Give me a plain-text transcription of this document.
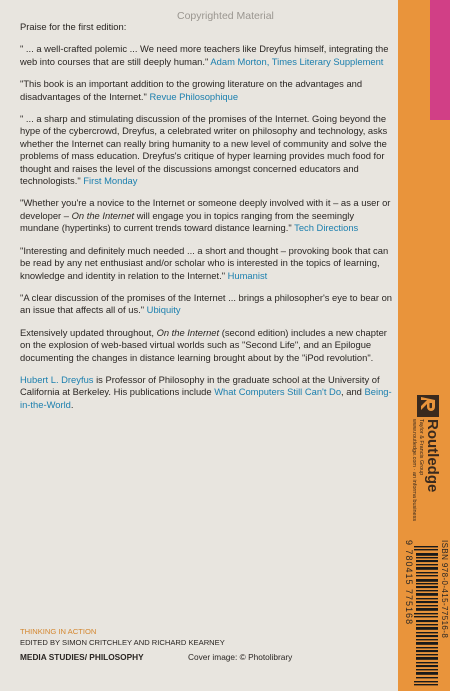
Copyrighted Material

Praise for the first edition:

" ... a well-crafted polemic ... We need more teachers like Dreyfus himself, integrating the web into courses that are still deeply human." Adam Morton, Times Literary Supplement

"This book is an important addition to the growing literature on the advantages and disadvantages of the Internet." Revue Philosophique

" ... a sharp and stimulating discussion of the promises of the Internet. Going beyond the hype of the cybercrowd, Dreyfus, a celebrated writer on philosophy and technology, asks whether the Internet can really bring humanity to a new level of community and solve the problems of mass education. Dreyfus's critique of hyper learning provides much food for thought and raises the level of the discussions amongst concerned educators and technologists." First Monday

"Whether you're a novice to the Internet or someone deeply involved with it – as a user or developer – On the Internet will engage you in topics ranging from the seemingly mundane (hypertinks) to current trends toward distance learning." Tech Directions

"Interesting and definitely much needed ... a short and thought – provoking book that can be read by any net enthusiast and/or scholar who is interested in the topics of learning, knowledge and identity in relation to the Internet." Humanist

"A clear discussion of the promises of the Internet ... brings a philosopher's eye to bear on an issue that affects all of us." Ubiquity

Extensively updated throughout, On the Internet (second edition) includes a new chapter on the explosion of web-based virtual worlds such as "Second Life", and an Epilogue documenting the changes in distance learning brought about by the "iPod revolution".

Hubert L. Dreyfus is Professor of Philosophy in the graduate school at the University of California at Berkeley. His publications include What Computers Still Can't Do, and Being-in-the-World.

THINKING IN ACTION
EDITED BY SIMON CRITCHLEY AND RICHARD KEARNEY
MEDIA STUDIES/ PHILOSOPHY	Cover image: © Photolibrary
Routledge
Taylor & Francis Group
www.routledge.com · an informa business
ISBN 978-0-415-77516-8
9 780415 775168
